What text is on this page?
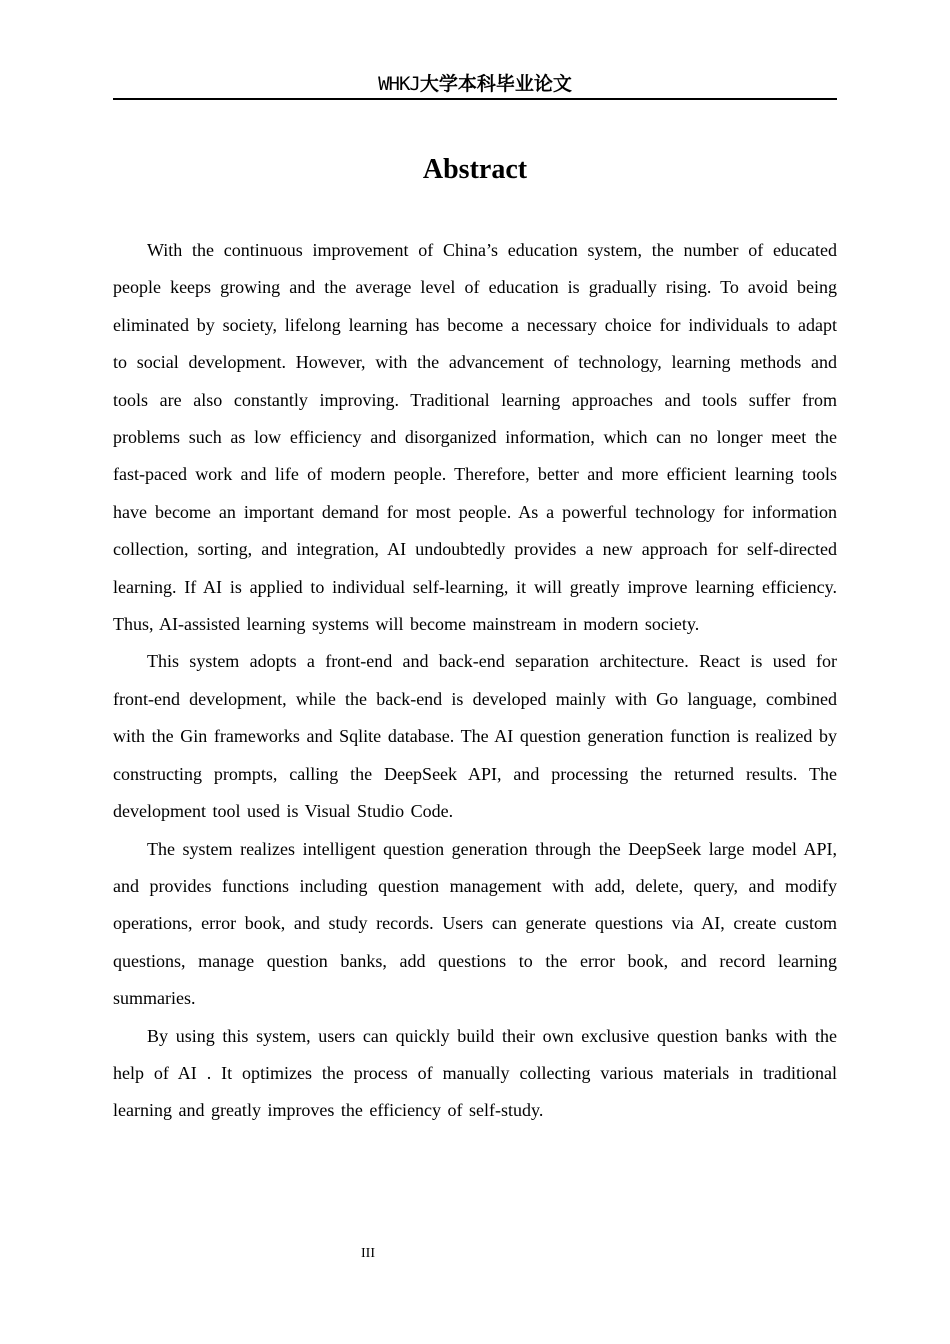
WHKJ大学本科毕业论文
Abstract

With the continuous improvement of China’s education system, the number of educated people keeps growing and the average level of education is gradually rising. To avoid being eliminated by society, lifelong learning has become a necessary choice for individuals to adapt to social development. However, with the advancement of technology, learning methods and tools are also constantly improving. Traditional learning approaches and tools suffer from problems such as low efficiency and disorganized information, which can no longer meet the fast-paced work and life of modern people. Therefore, better and more efficient learning tools have become an important demand for most people. As a powerful technology for information collection, sorting, and integration, AI undoubtedly provides a new approach for self-directed learning. If AI is applied to individual self-learning, it will greatly improve learning efficiency. Thus, AI-assisted learning systems will become mainstream in modern society.

This system adopts a front-end and back-end separation architecture. React is used for front-end development, while the back-end is developed mainly with Go language, combined with the Gin frameworks and Sqlite database. The AI question generation function is realized by constructing prompts, calling the DeepSeek API, and processing the returned results. The development tool used is Visual Studio Code.

The system realizes intelligent question generation through the DeepSeek large model API, and provides functions including question management with add, delete, query, and modify operations, error book, and study records. Users can generate questions via AI, create custom questions, manage question banks, add questions to the error book, and record learning summaries.

By using this system, users can quickly build their own exclusive question banks with the help of AI . It optimizes the process of manually collecting various materials in traditional learning and greatly improves the efficiency of self-study.

III
